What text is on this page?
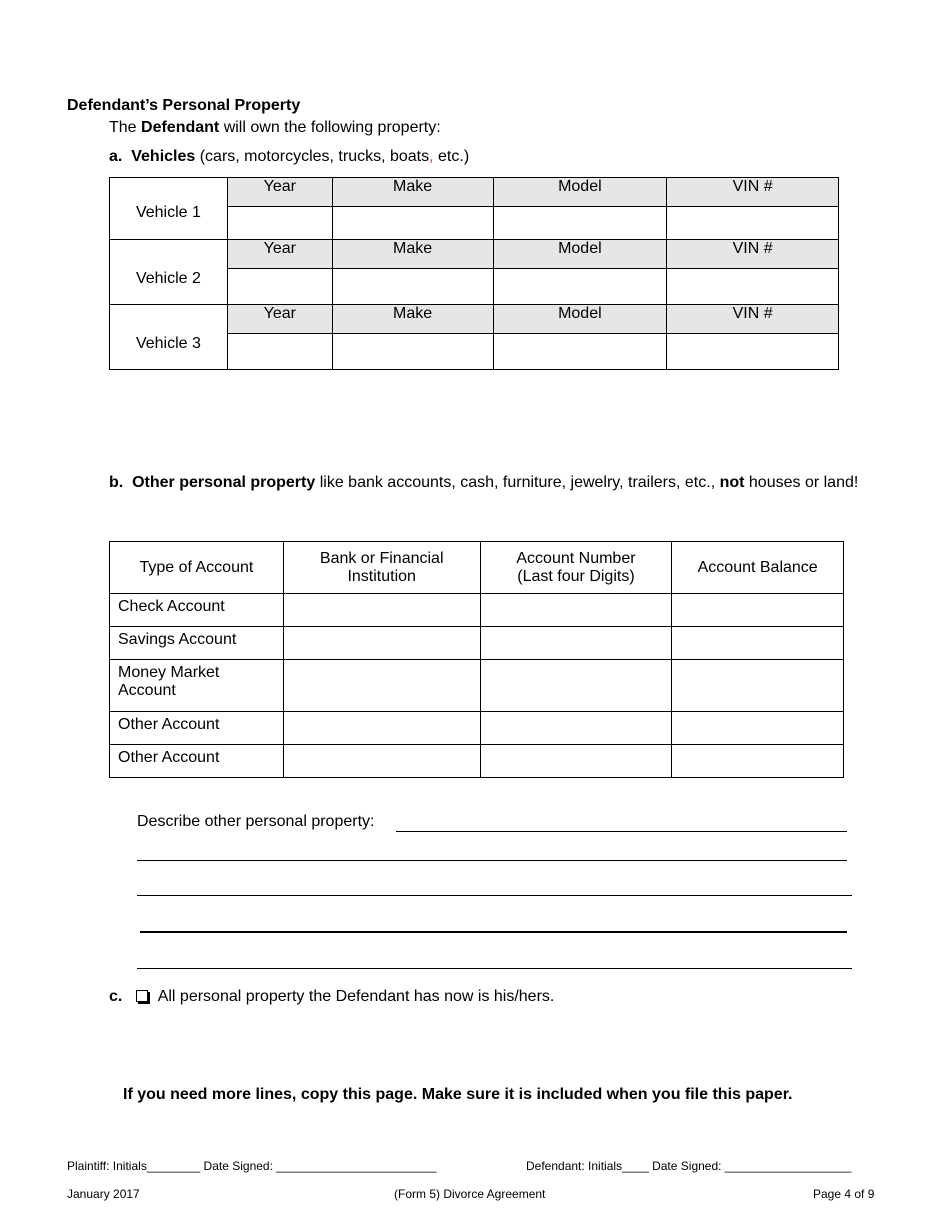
Defendant’s Personal Property
The Defendant will own the following property:
a. Vehicles (cars, motorcycles, trucks, boats, etc.)
Vehicle 1	Year	Make	Model	VIN #

Vehicle 2	Year	Make	Model	VIN #

Vehicle 3	Year	Make	Model	VIN #

b. Other personal property like bank accounts, cash, furniture, jewelry, trailers, etc., not houses or land!
Type of Account	Bank or Financial Institution	Account Number (Last four Digits)	Account Balance
Check Account			
Savings Account			
Money Market Account			
Other Account			
Other Account			
Describe other personal property:
c. All personal property the Defendant has now is his/hers.
If you need more lines, copy this page. Make sure it is included when you file this paper.
Plaintiff: Initials________ Date Signed: ________________________	Defendant: Initials____ Date Signed: ___________________
January 2017	(Form 5) Divorce Agreement	Page 4 of 9
